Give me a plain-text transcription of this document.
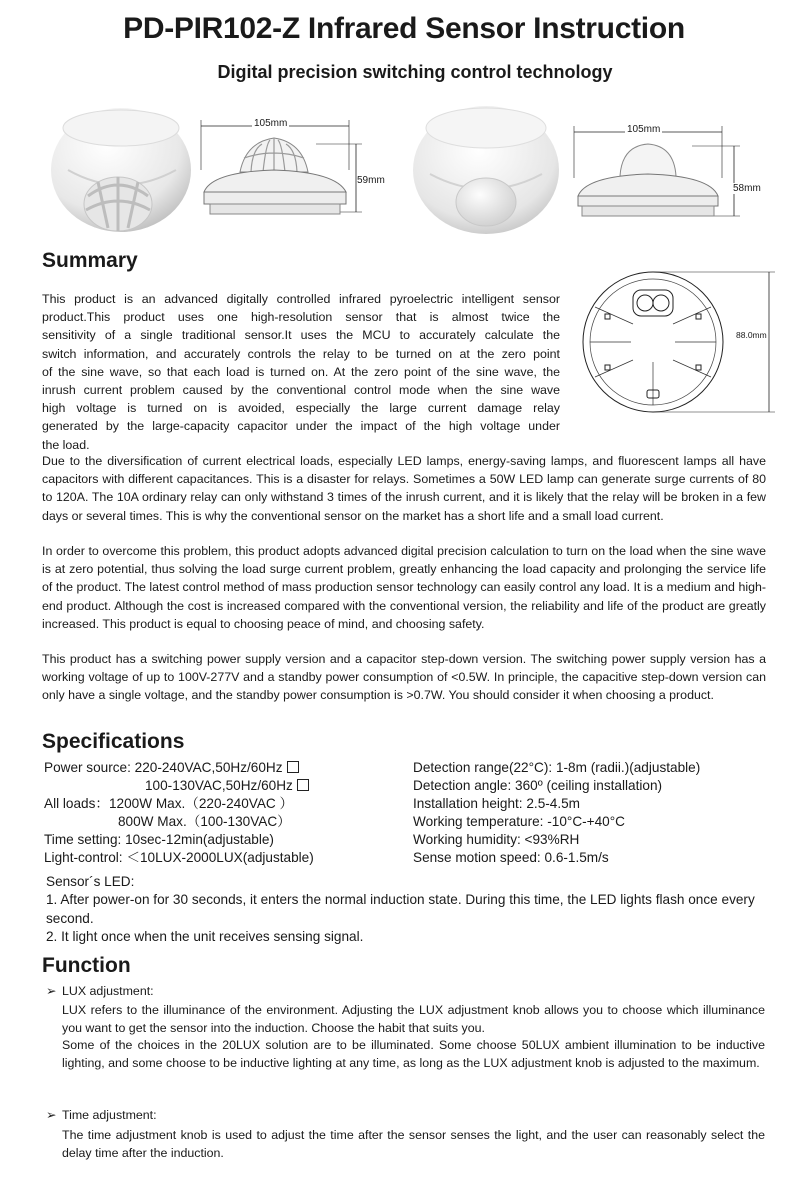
PD-PIR102-Z Infrared Sensor Instruction
Digital precision switching control technology
105mm
59mm
105mm
58mm
88.0mm
Summary
This product is an advanced digitally controlled infrared pyroelectric intelligent sensor
product.This product uses one high-resolution sensor that is almost twice the
sensitivity of a single traditional sensor.It uses the MCU to accurately calculate the
switch information, and accurately controls the relay to be turned on at the zero point
of the sine wave, so that each load is turned on. At the zero point of the sine wave, the
inrush current problem caused by the conventional control mode when the sine wave
high voltage is turned on is avoided, especially the large current damage relay
generated by the large-capacity capacitor under the impact of the high voltage under
the load.
Due to the diversification of current electrical loads, especially LED lamps, energy-saving lamps, and fluorescent lamps all have capacitors with different capacitances. This is a disaster for relays. Sometimes a 50W LED lamp can generate surge currents of 80 to 120A. The 10A ordinary relay can only withstand 3 times of the inrush current, and it is likely that the relay will be broken in a few days or several times. This is why the conventional sensor on the market has a short life and a small load current.
In order to overcome this problem, this product adopts advanced digital precision calculation to turn on the load when the sine wave is at zero potential, thus solving the load surge current problem, greatly enhancing the load capacity and prolonging the service life of the product. The latest control method of mass production sensor technology can easily control any load. It is a medium and high-end product. Although the cost is increased compared with the conventional version, the reliability and life of the product are greatly increased. This product is equal to choosing peace of mind, and choosing safety.
This product has a switching power supply version and a capacitor step-down version. The switching power supply version has a working voltage of up to 100V-277V and a standby power consumption of <0.5W. In principle, the capacitive step-down version can only have a single voltage, and the standby power consumption is >0.7W. You should consider it when choosing a product.
Specifications
Power source: 220-240VAC,50Hz/60Hz
100-130VAC,50Hz/60Hz
All loads：1200W Max.（220-240VAC ）
800W Max.（100-130VAC）
Time setting: 10sec-12min(adjustable)
Light-control: ＜10LUX-2000LUX(adjustable)
Detection range(22°C): 1-8m (radii.)(adjustable)
Detection angle: 360º (ceiling installation)
Installation height: 2.5-4.5m
Working temperature: -10°C-+40°C
Working humidity: <93%RH
Sense motion speed: 0.6-1.5m/s
Sensor´s LED:
1. After power-on for 30 seconds, it enters the normal induction state. During this time, the LED lights flash once every second.
2. It light once when the unit receives sensing signal.
Function
➢ LUX adjustment:
LUX refers to the illuminance of the environment. Adjusting the LUX adjustment knob allows you to choose which illuminance you want to get the sensor into the induction. Choose the habit that suits you.
Some of the choices in the 20LUX solution are to be illuminated. Some choose 50LUX ambient illumination to be inductive lighting, and some choose to be inductive lighting at any time, as long as the LUX adjustment knob is adjusted to the maximum.
➢ Time adjustment:
The time adjustment knob is used to adjust the time after the sensor senses the light, and the user can reasonably select the delay time after the induction.
